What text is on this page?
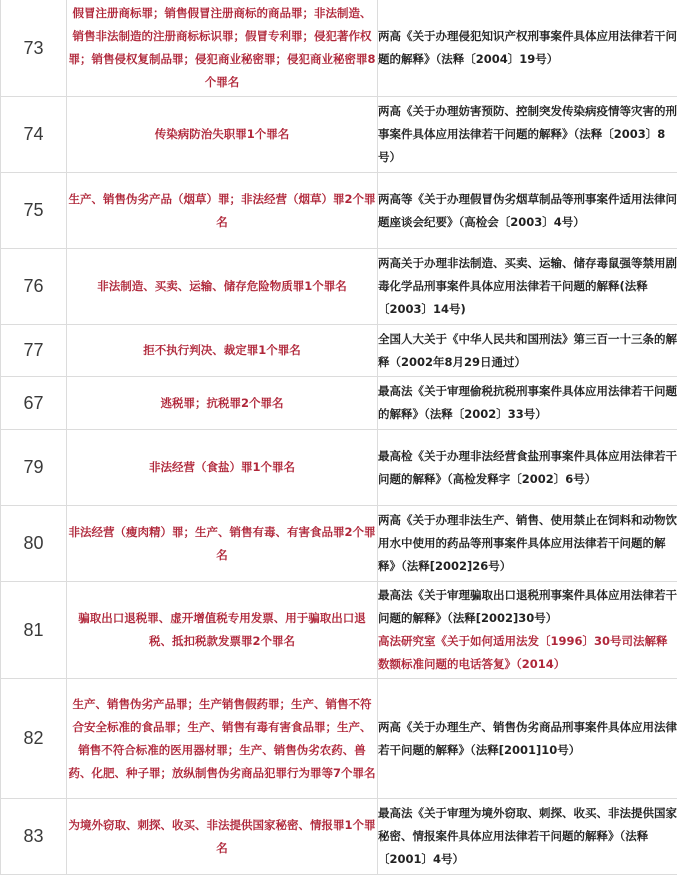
73	假冒注册商标罪；销售假冒注册商标的商品罪；非法制造、销售非法制造的注册商标标识罪；假冒专利罪；侵犯著作权罪；销售侵权复制品罪；侵犯商业秘密罪；侵犯商业秘密罪8个罪名	两高《关于办理侵犯知识产权刑事案件具体应用法律若干问题的解释》（法释〔2004〕19号）

74	传染病防治失职罪1个罪名	两高《关于办理妨害预防、控制突发传染病疫情等灾害的刑事案件具体应用法律若干问题的解释》（法释〔2003〕8号）

75	生产、销售伪劣产品（烟草）罪；非法经营（烟草）罪2个罪名	两高等《关于办理假冒伪劣烟草制品等刑事案件适用法律问题座谈会纪要》（高检会〔2003〕4号）

76	非法制造、买卖、运输、储存危险物质罪1个罪名	两高关于办理非法制造、买卖、运输、储存毒鼠强等禁用剧毒化学品刑事案件具体应用法律若干问题的解释(法释〔2003〕14号)

77	拒不执行判决、裁定罪1个罪名	全国人大关于《中华人民共和国刑法》第三百一十三条的解释（2002年8月29日通过）

67	逃税罪；抗税罪2个罪名	最高法《关于审理偷税抗税刑事案件具体应用法律若干问题的解释》（法释〔2002〕33号）

79	非法经营（食盐）罪1个罪名	最高检《关于办理非法经营食盐刑事案件具体应用法律若干问题的解释》（高检发释字〔2002〕6号）

80	非法经营（瘦肉精）罪；生产、销售有毒、有害食品罪2个罪名	两高《关于办理非法生产、销售、使用禁止在饲料和动物饮用水中使用的药品等刑事案件具体应用法律若干问题的解释》（法释[2002]26号）

81	骗取出口退税罪、虚开增值税专用发票、用于骗取出口退税、抵扣税款发票罪2个罪名	最高法《关于审理骗取出口退税刑事案件具体应用法律若干问题的解释》（法释[2002]30号）
高法研究室《关于如何适用法发〔1996〕30号司法解释数额标准问题的电话答复》（2014）

82	生产、销售伪劣产品罪；生产销售假药罪；生产、销售不符合安全标准的食品罪；生产、销售有毒有害食品罪；生产、销售不符合标准的医用器材罪；生产、销售伪劣农药、兽药、化肥、种子罪；放纵制售伪劣商品犯罪行为罪等7个罪名	两高《关于办理生产、销售伪劣商品刑事案件具体应用法律若干问题的解释》（法释[2001]10号）

83	为境外窃取、刺探、收买、非法提供国家秘密、情报罪1个罪名	最高法《关于审理为境外窃取、刺探、收买、非法提供国家秘密、情报案件具体应用法律若干问题的解释》（法释〔2001〕4号）
